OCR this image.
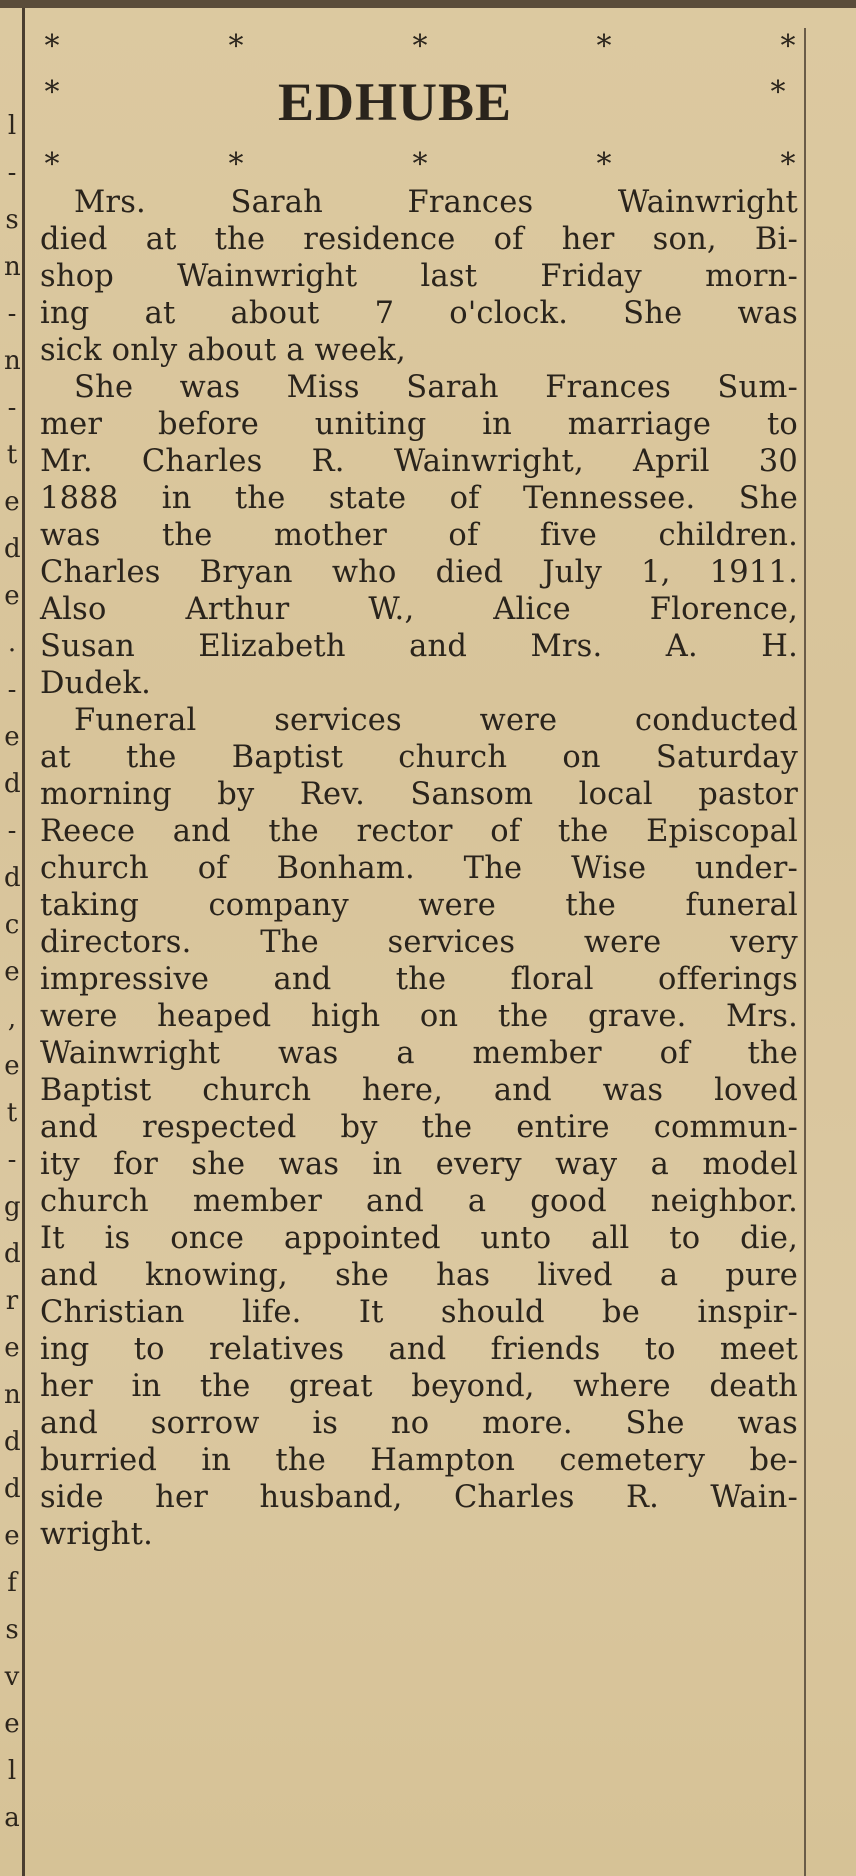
l
-
s
n
-
n
-
t
e
d
e
.
-
e
d
-
d
c
e
,
e
t
-
g
d
r
e
n
d
d
e
f
s
v
e
l
a
*	*	*	*	*
*	EDHUBE	*
*	*	*	*	*
Mrs. Sarah Frances Wainwright
died at the residence of her son, Bi-
shop Wainwright last Friday morn-
ing at about 7 o'clock. She was
sick only about a week,
She was Miss Sarah Frances Sum-
mer before uniting in marriage to
Mr. Charles R. Wainwright, April 30
1888 in the state of Tennessee. She
was the mother of five children.
Charles Bryan who died July 1, 1911.
Also Arthur W., Alice Florence,
Susan Elizabeth and Mrs. A. H.
Dudek.
Funeral services were conducted
at the Baptist church on Saturday
morning by Rev. Sansom local pastor
Reece and the rector of the Episcopal
church of Bonham. The Wise under-
taking company were the funeral
directors. The services were very
impressive and the floral offerings
were heaped high on the grave. Mrs.
Wainwright was a member of the
Baptist church here, and was loved
and respected by the entire commun-
ity for she was in every way a model
church member and a good neighbor.
It is once appointed unto all to die,
and knowing, she has lived a pure
Christian life. It should be inspir-
ing to relatives and friends to meet
her in the great beyond, where death
and sorrow is no more. She was
burried in the Hampton cemetery be-
side her husband, Charles R. Wain-
wright.
